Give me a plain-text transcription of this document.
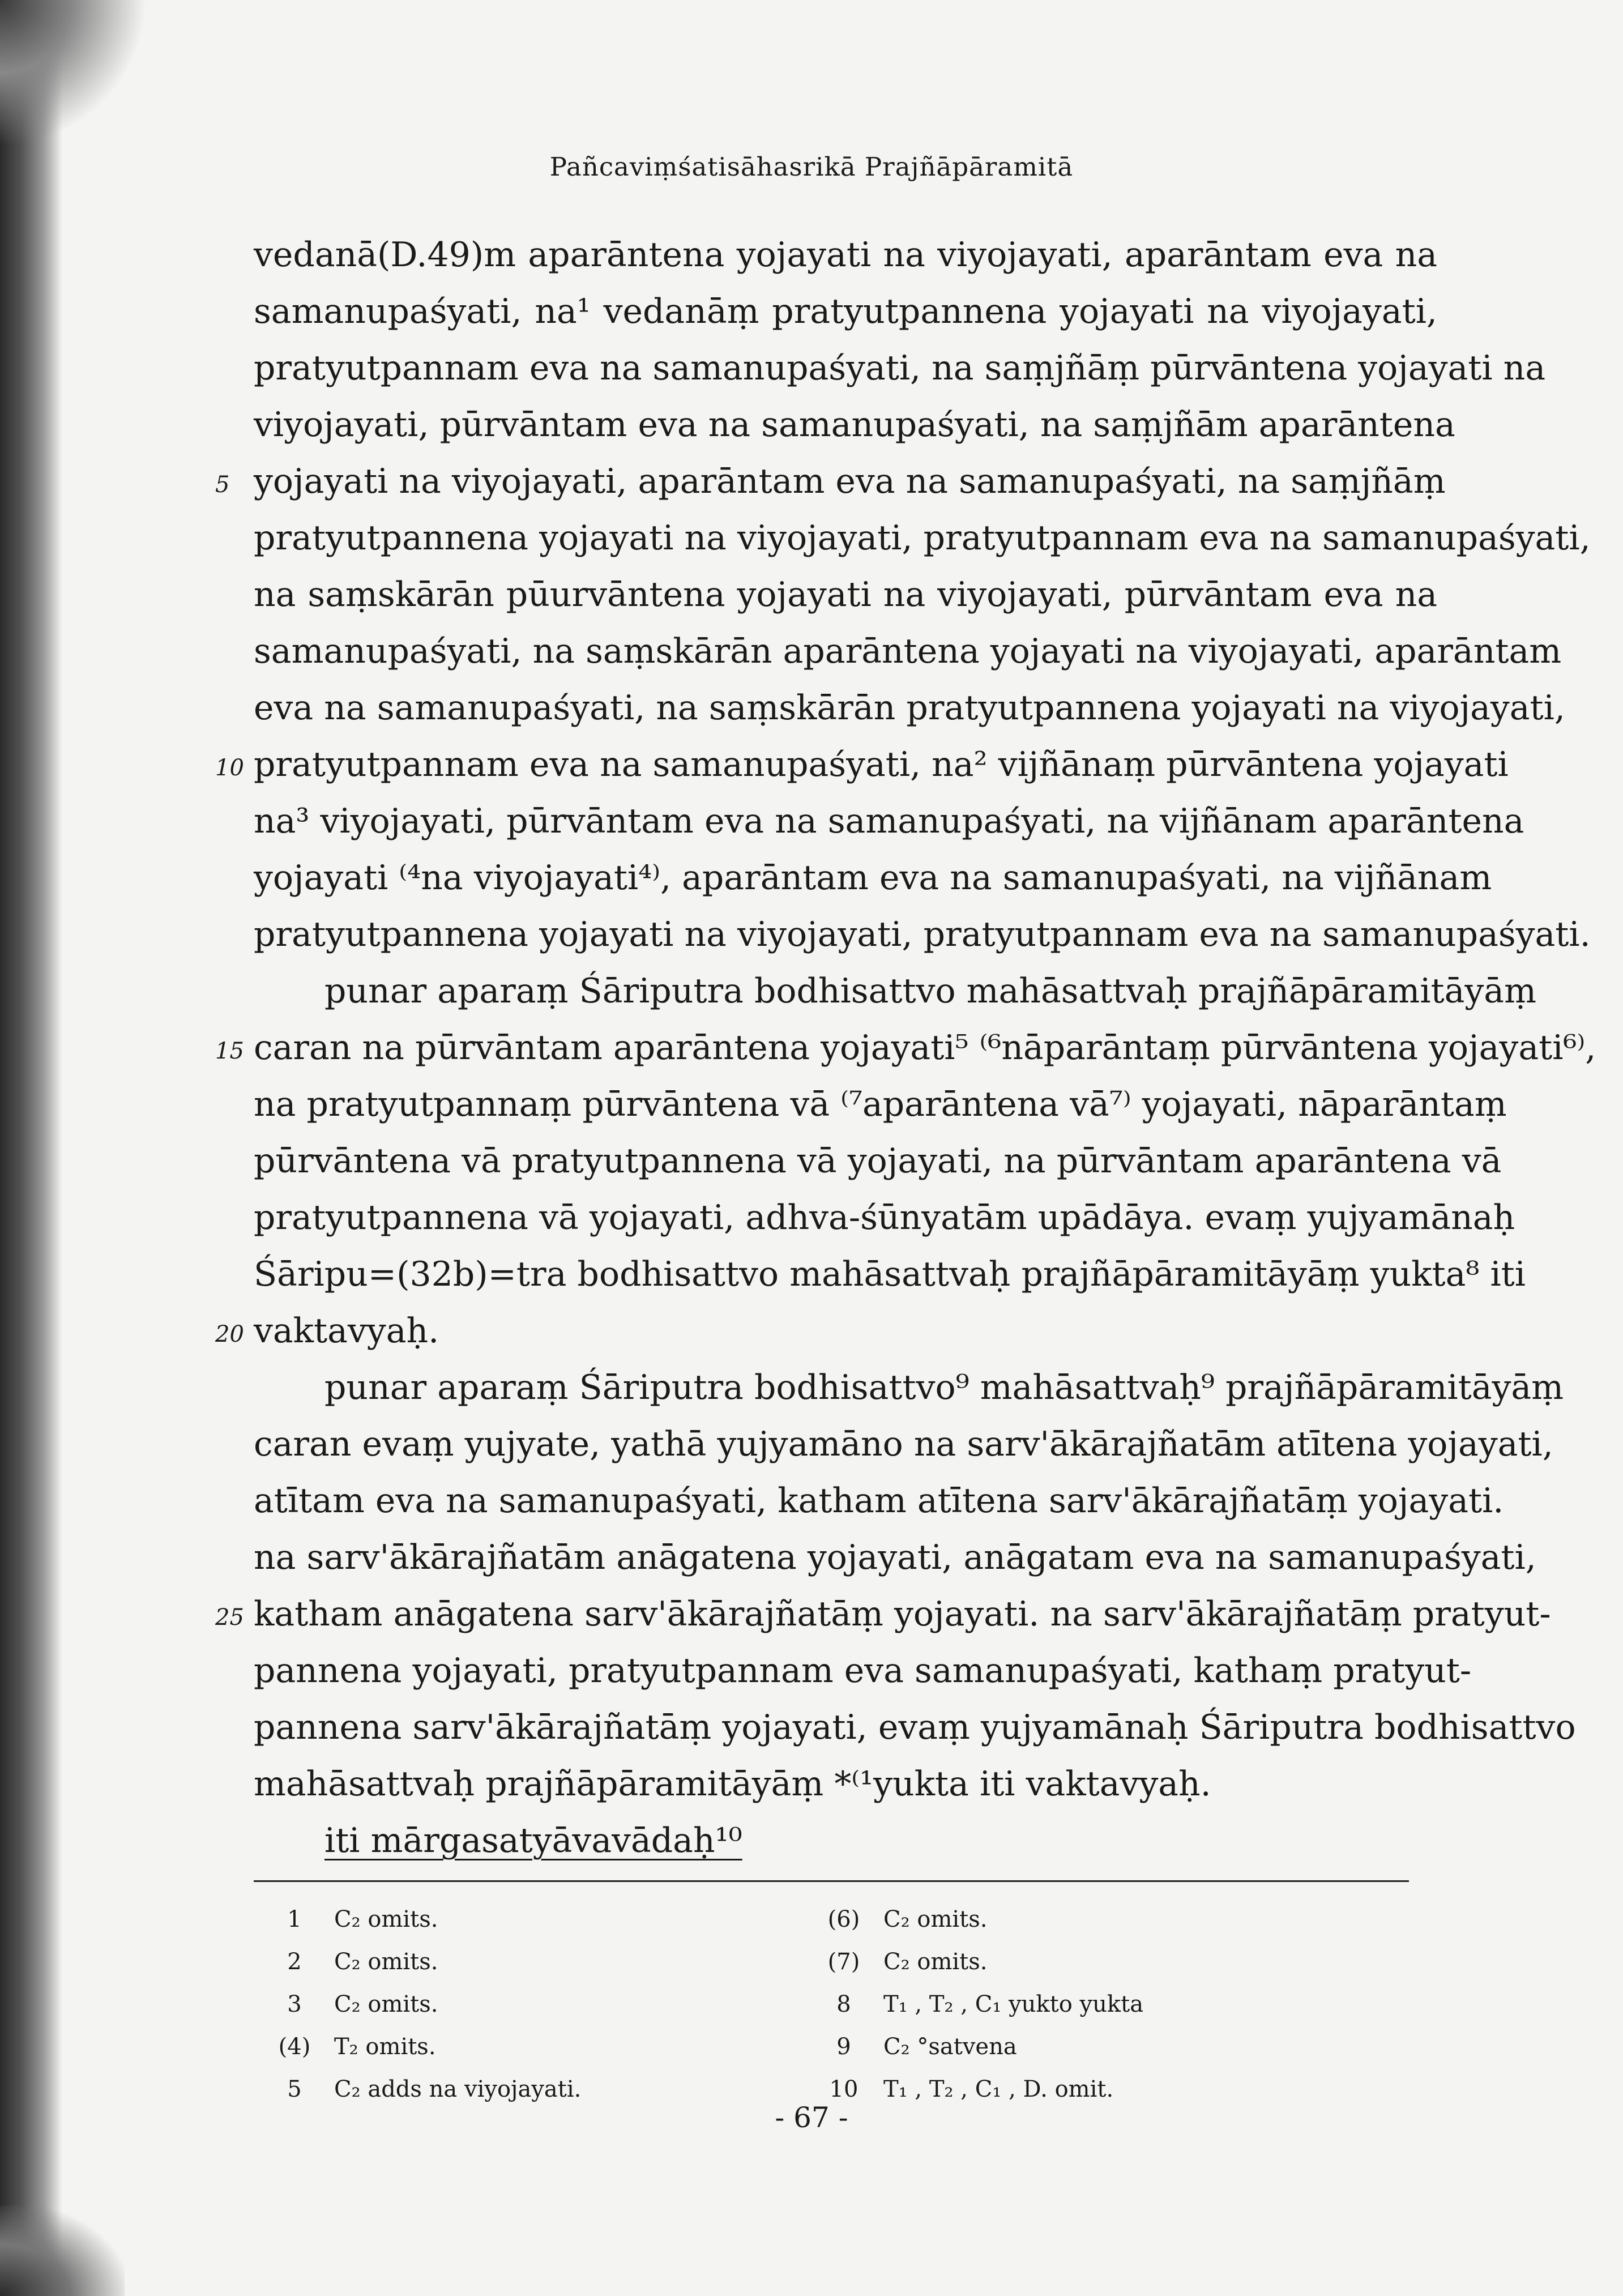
Pañcaviṃśatisāhasrikā Prajñāpāramitā
vedanā(D.49)m aparāntena yojayati na viyojayati, aparāntam eva na
samanupaśyati, na¹ vedanāṃ pratyutpannena yojayati na viyojayati,
pratyutpannam eva na samanupaśyati, na saṃjñāṃ pūrvāntena yojayati na
viyojayati, pūrvāntam eva na samanupaśyati, na saṃjñām aparāntena
5 yojayati na viyojayati, aparāntam eva na samanupaśyati, na saṃjñāṃ
pratyutpannena yojayati na viyojayati, pratyutpannam eva na samanupaśyati,
na saṃskārān pūurvāntena yojayati na viyojayati, pūrvāntam eva na
samanupaśyati, na saṃskārān aparāntena yojayati na viyojayati, aparāntam
eva na samanupaśyati, na saṃskārān pratyutpannena yojayati na viyojayati,
10 pratyutpannam eva na samanupaśyati, na² vijñānaṃ pūrvāntena yojayati
na³ viyojayati, pūrvāntam eva na samanupaśyati, na vijñānam aparāntena
yojayati ⁽⁴na viyojayati⁴⁾, aparāntam eva na samanupaśyati, na vijñānam
pratyutpannena yojayati na viyojayati, pratyutpannam eva na samanupaśyati.
punar aparaṃ Śāriputra bodhisattvo mahāsattvaḥ prajñāpāramitāyāṃ
15 caran na pūrvāntam aparāntena yojayati⁵ ⁽⁶nāparāntaṃ pūrvāntena yojayati⁶⁾,
na pratyutpannaṃ pūrvāntena vā ⁽⁷aparāntena vā⁷⁾ yojayati, nāparāntaṃ
pūrvāntena vā pratyutpannena vā yojayati, na pūrvāntam aparāntena vā
pratyutpannena vā yojayati, adhva-śūnyatām upādāya. evaṃ yujyamānaḥ
Śāripu=(32b)=tra bodhisattvo mahāsattvaḥ prajñāpāramitāyāṃ yukta⁸ iti
20 vaktavyaḥ.
punar aparaṃ Śāriputra bodhisattvo⁹ mahāsattvaḥ⁹ prajñāpāramitāyāṃ
caran evaṃ yujyate, yathā yujyamāno na sarv'ākārajñatām atītena yojayati,
atītam eva na samanupaśyati, katham atītena sarv'ākārajñatāṃ yojayati.
na sarv'ākārajñatām anāgatena yojayati, anāgatam eva na samanupaśyati,
25 katham anāgatena sarv'ākārajñatāṃ yojayati. na sarv'ākārajñatāṃ pratyut-
pannena yojayati, pratyutpannam eva samanupaśyati, kathaṃ pratyut-
pannena sarv'ākārajñatāṃ yojayati, evaṃ yujyamānaḥ Śāriputra bodhisattvo
mahāsattvaḥ prajñāpāramitāyāṃ *⁽¹yukta iti vaktavyaḥ.
iti mārgasatyāvavādaḥ¹⁰
1 C₂ omits.
2 C₂ omits.
3 C₂ omits.
(4) T₂ omits.
5 C₂ adds na viyojayati.
(6) C₂ omits.
(7) C₂ omits.
8 T₁ , T₂ , C₁ yukto yukta
9 C₂ °satvena
10 T₁ , T₂ , C₁ , D. omit.
- 67 -
